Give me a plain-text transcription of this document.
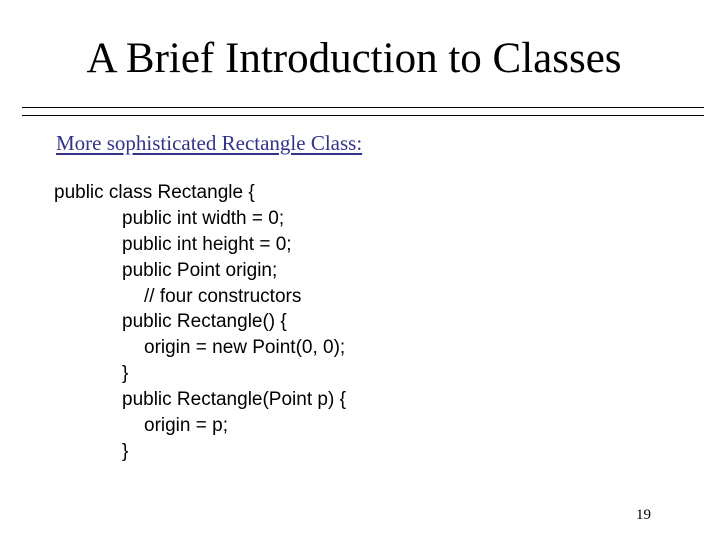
A Brief Introduction to Classes
More sophisticated Rectangle Class:
public class Rectangle {
public int width = 0;
public int height = 0;
public Point origin;
// four constructors
public Rectangle() {
origin = new Point(0, 0);
}
public Rectangle(Point p) {
origin = p;
}
19
